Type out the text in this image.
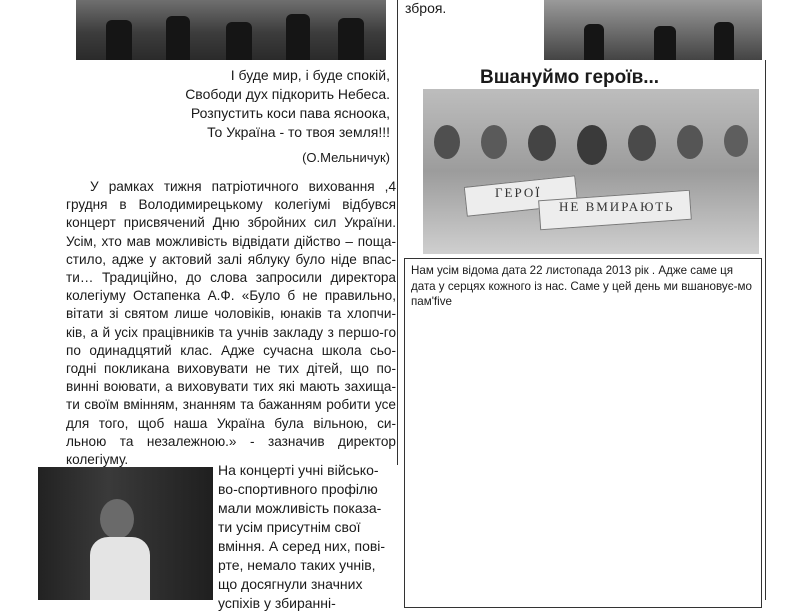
зброя.
І буде мир, і буде спокій,
Свободи дух підкорить Небеса.
Розпустить коси пава ясноока,
То Україна - то твоя земля!!!
(О.Мельничук)
У рамках тижня патріотичного виховання ,4 грудня в Володимирецькому колегіумі відбувся концерт присвячений Дню збройних сил України. Усім, хто мав можливість відвідати дійство – поща-стило, адже у актовий залі яблуку було ніде впас-ти… Традиційно, до слова запросили директора колегіуму Остапенка А.Ф. «Було б не правильно, вітати зі святом лише чоловіків, юнаків та хлопчи-ків, а й усіх працівників та учнів закладу з першо-го по одинадцятий клас. Адже сучасна школа сьо-годні покликана виховувати не тих дітей, що по-винні воювати, а виховувати тих які мають захища-ти своїм вмінням, знанням та бажанням робити усе для того, щоб наша Україна була вільною, си-льною та незалежною.» - зазначив директор колегіуму.
На концерті учні військо-
во-спортивного профілю
мали можливість показа-
ти усім присутнім свої
вміння. А серед них, пові-
рте, немало таких учнів,
що досягнули значних
успіхів у збиранні-
Вшануймо героїв...
ГЕРОЇ
НЕ ВМИРАЮТЬ

Нам усім відома дата 22 листопада 2013 рік . Адже саме ця дата у серцях кожного із нас. Саме у цей день ми вшановує-мо пам'five
